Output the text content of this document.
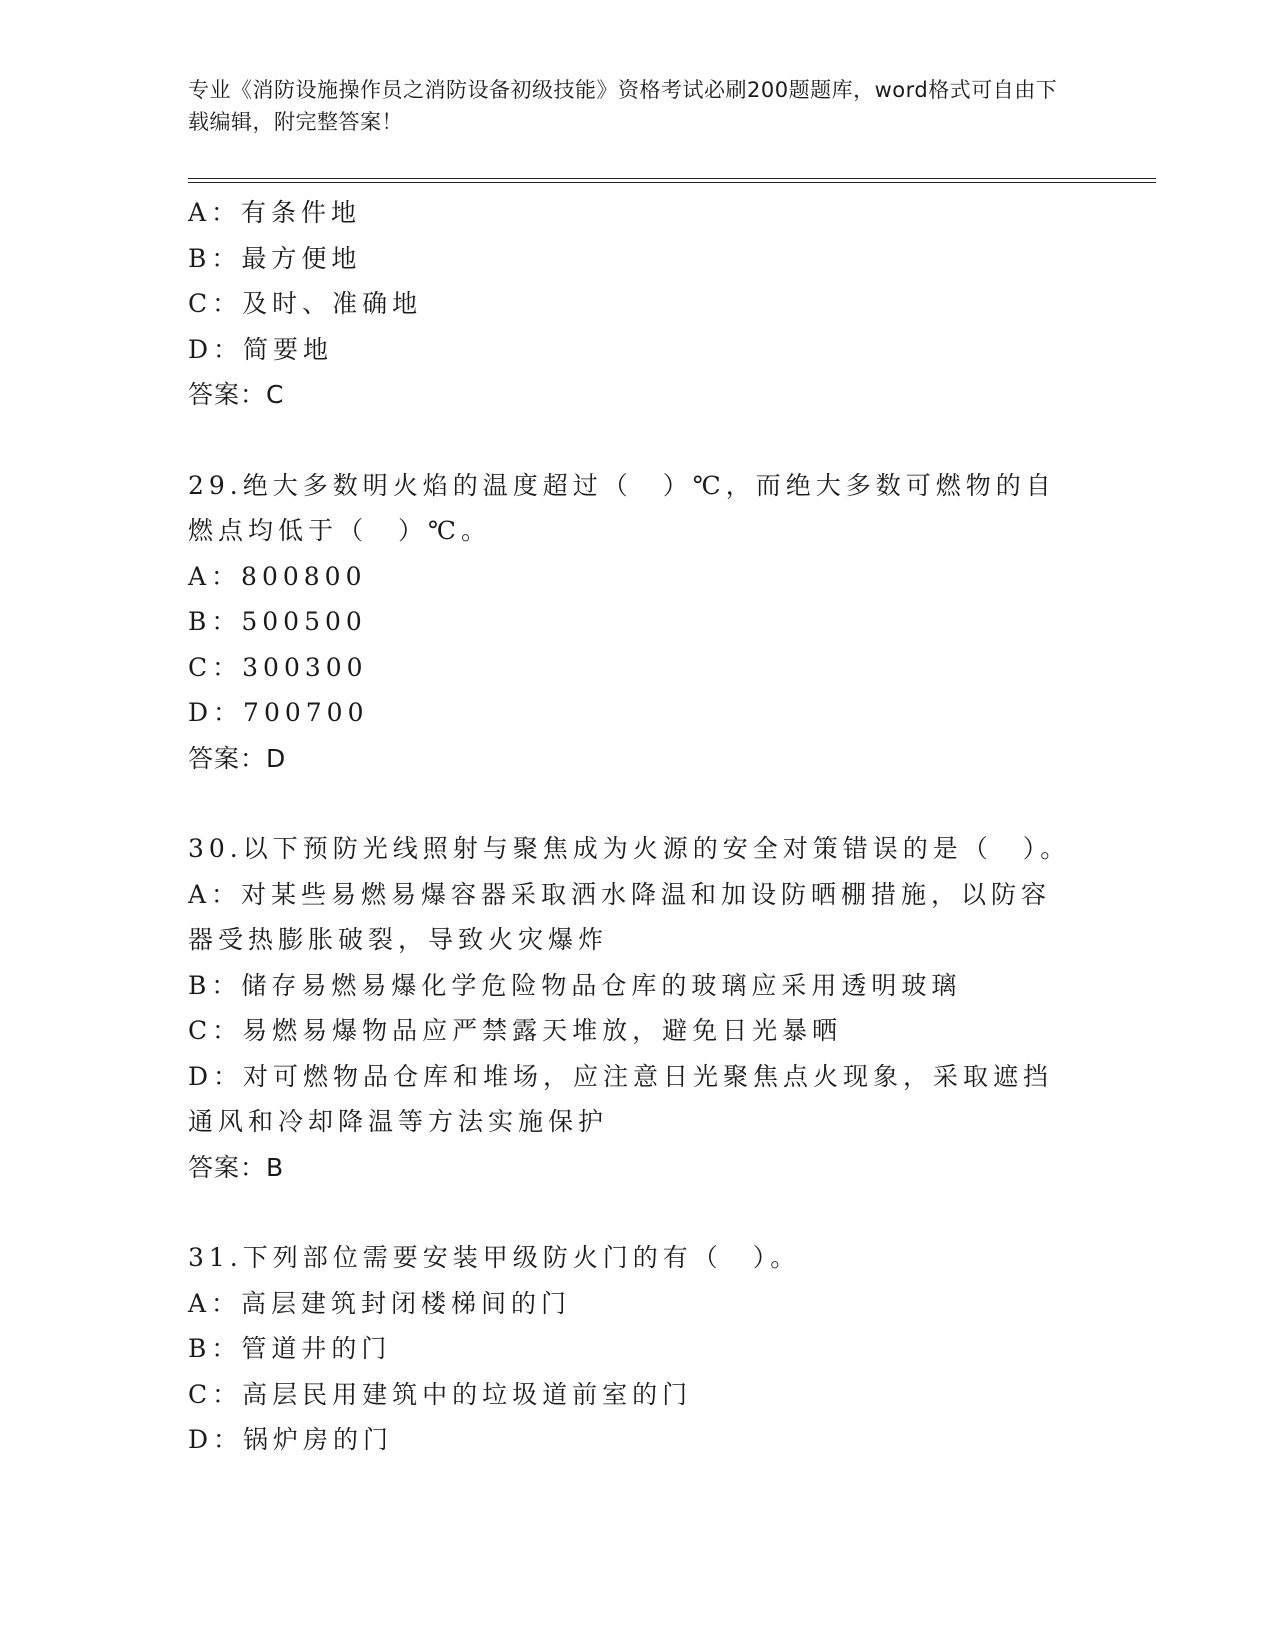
专业《消防设施操作员之消防设备初级技能》资格考试必刷200题题库，word格式可自由下载编辑，附完整答案！
A：有条件地
B：最方便地
C：及时、准确地
D：简要地
答案：C
29.绝大多数明火焰的温度超过（　）℃，而绝大多数可燃物的自燃点均低于（　）℃。
A：800800
B：500500
C：300300
D：700700
答案：D
30.以下预防光线照射与聚焦成为火源的安全对策错误的是（　）。
A：对某些易燃易爆容器采取洒水降温和加设防晒棚措施，以防容器受热膨胀破裂，导致火灾爆炸
B：储存易燃易爆化学危险物品仓库的玻璃应采用透明玻璃
C：易燃易爆物品应严禁露天堆放，避免日光暴晒
D：对可燃物品仓库和堆场，应注意日光聚焦点火现象，采取遮挡通风和冷却降温等方法实施保护
答案：B
31.下列部位需要安装甲级防火门的有（　）。
A：高层建筑封闭楼梯间的门
B：管道井的门
C：高层民用建筑中的垃圾道前室的门
D：锅炉房的门
